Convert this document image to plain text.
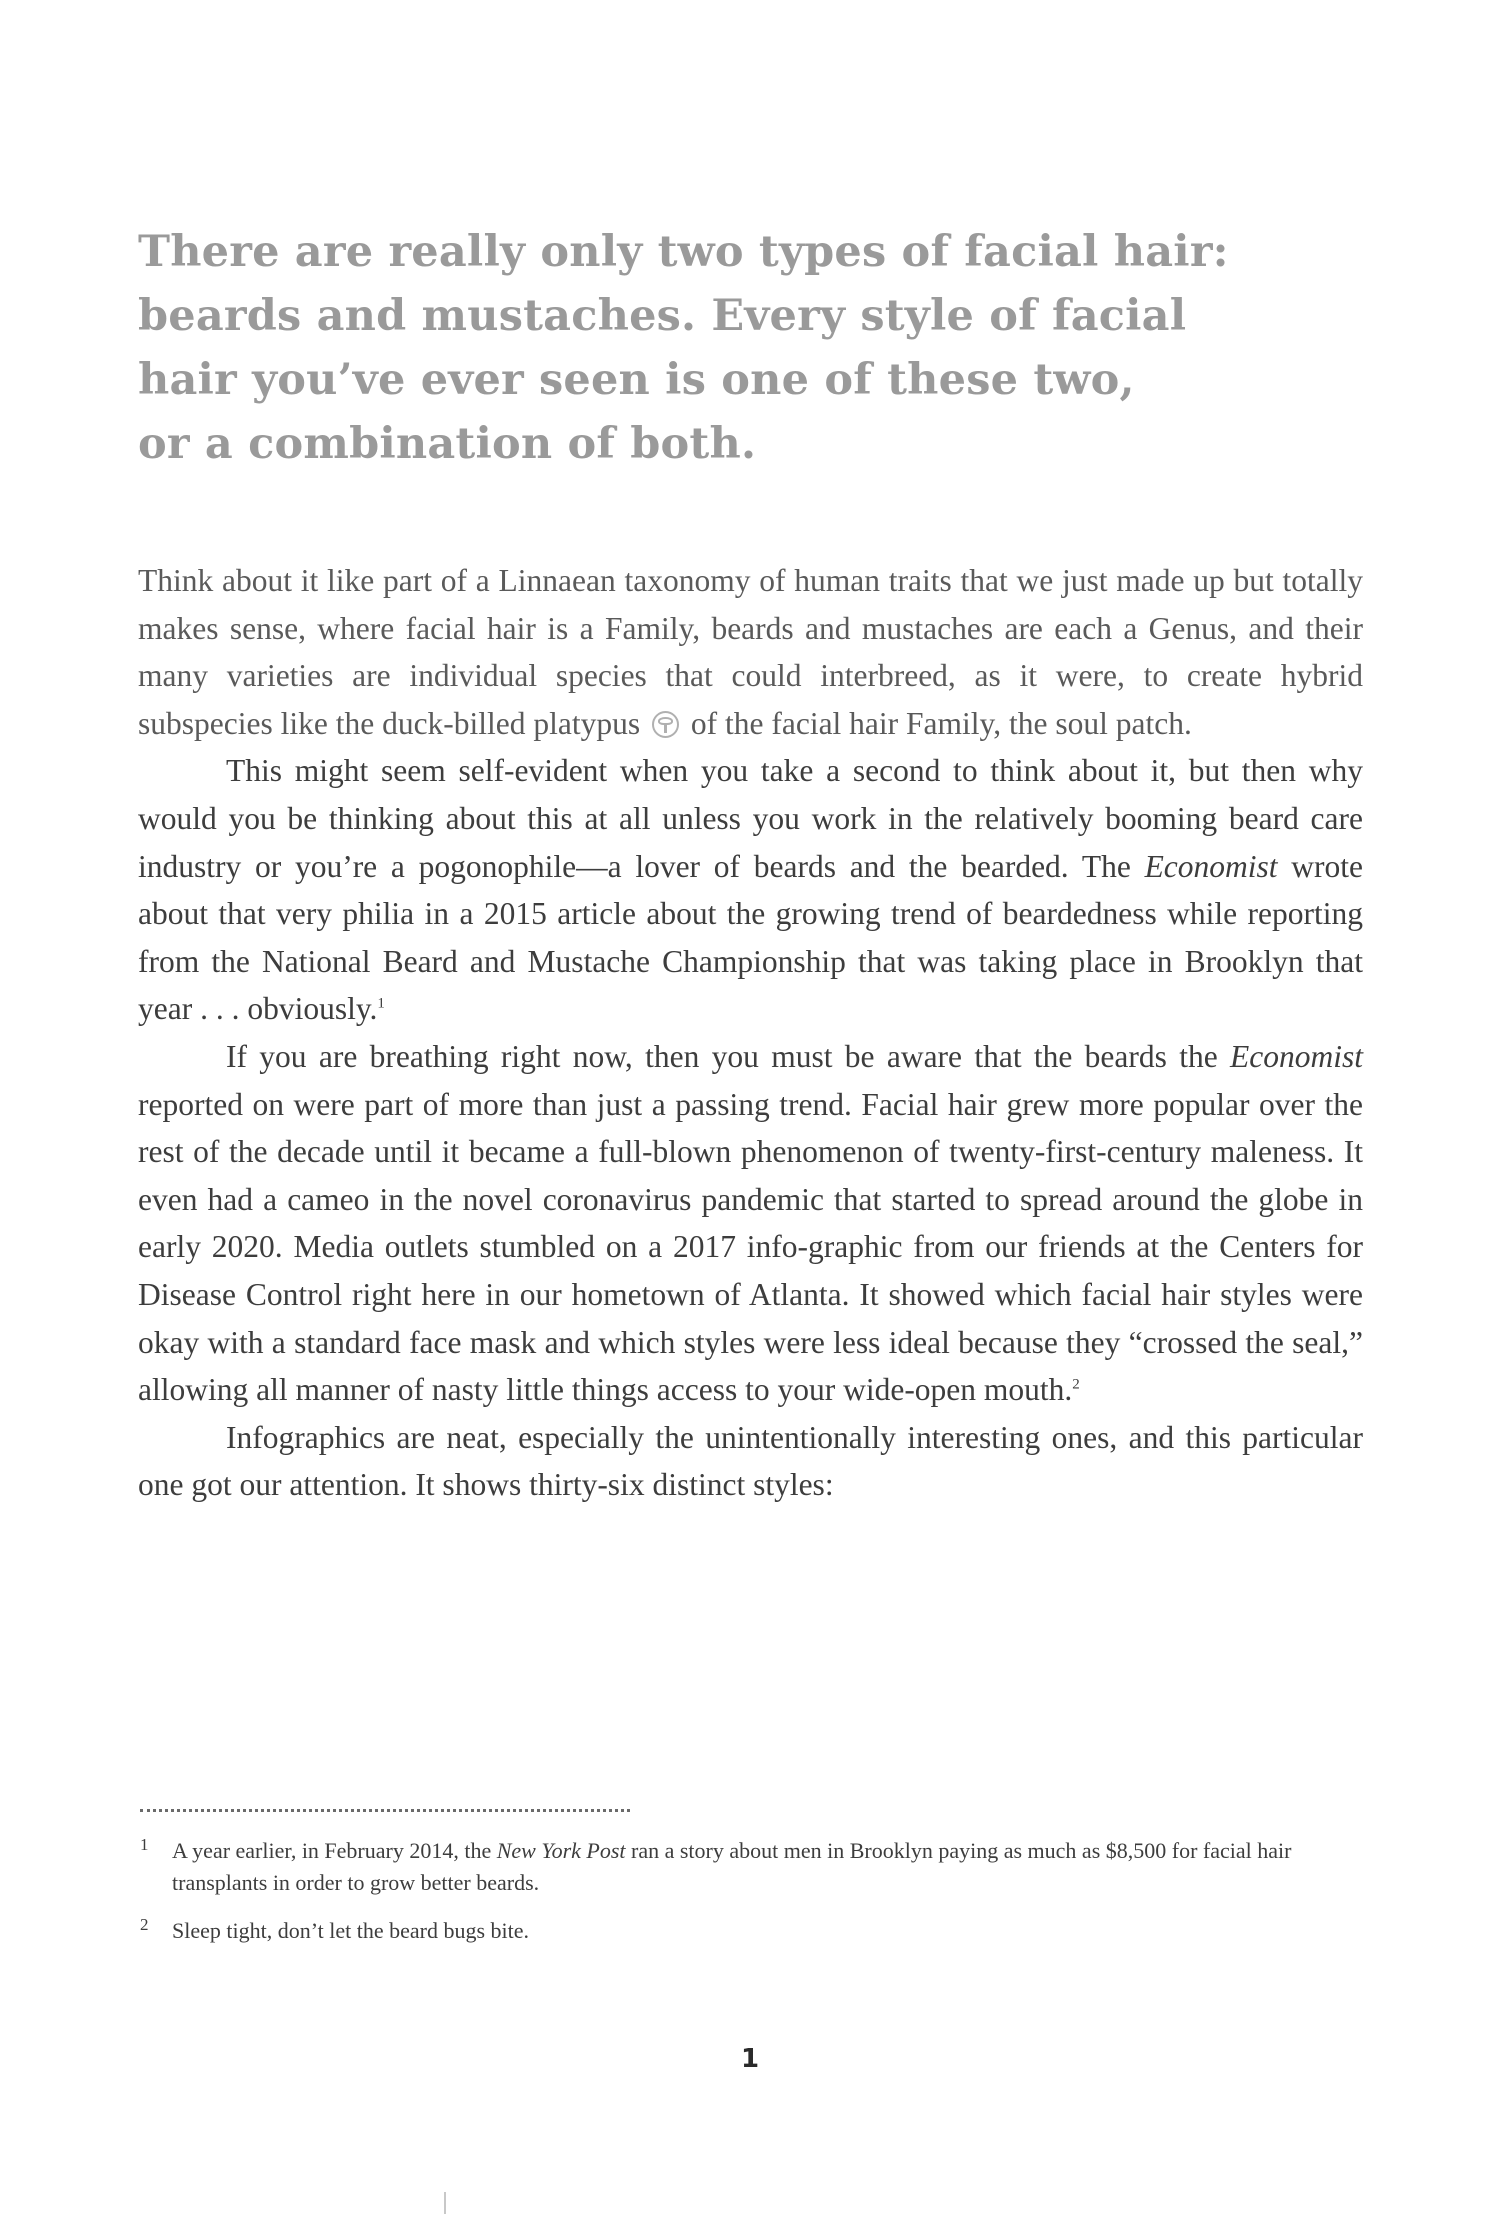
There are really only two types of facial hair:
beards and mustaches. Every style of facial
hair you’ve ever seen is one of these two,
or a combination of both.

Think about it like part of a Linnaean taxonomy of human traits that we just made up but totally makes sense, where facial hair is a Family, beards and mustaches are each a Genus, and their many varieties are individual species that could interbreed, as it were, to create hybrid subspecies like the duck-billed platypus of the facial hair Family, the soul patch.

This might seem self-evident when you take a second to think about it, but then why would you be thinking about this at all unless you work in the relatively booming beard care industry or you’re a pogonophile—a lover of beards and the bearded. The Economist wrote about that very philia in a 2015 article about the growing trend of beardedness while reporting from the National Beard and Mustache Championship that was taking place in Brooklyn that year . . . obviously.$^1$

If you are breathing right now, then you must be aware that the beards the Economist reported on were part of more than just a passing trend. Facial hair grew more popular over the rest of the decade until it became a full-blown phenomenon of twenty-first-century maleness. It even had a cameo in the novel coronavirus pandemic that started to spread around the globe in early 2020. Media outlets stumbled on a 2017 info-graphic from our friends at the Centers for Disease Control right here in our hometown of Atlanta. It showed which facial hair styles were okay with a standard face mask and which styles were less ideal because they “crossed the seal,” allowing all manner of nasty little things access to your wide-open mouth.$^2$

Infographics are neat, especially the unintentionally interesting ones, and this particular one got our attention. It shows thirty-six distinct styles:

1 A year earlier, in February 2014, the New York Post ran a story about men in Brooklyn paying as much as $8,500 for facial hair transplants in order to grow better beards.

2 Sleep tight, don’t let the beard bugs bite.

1
